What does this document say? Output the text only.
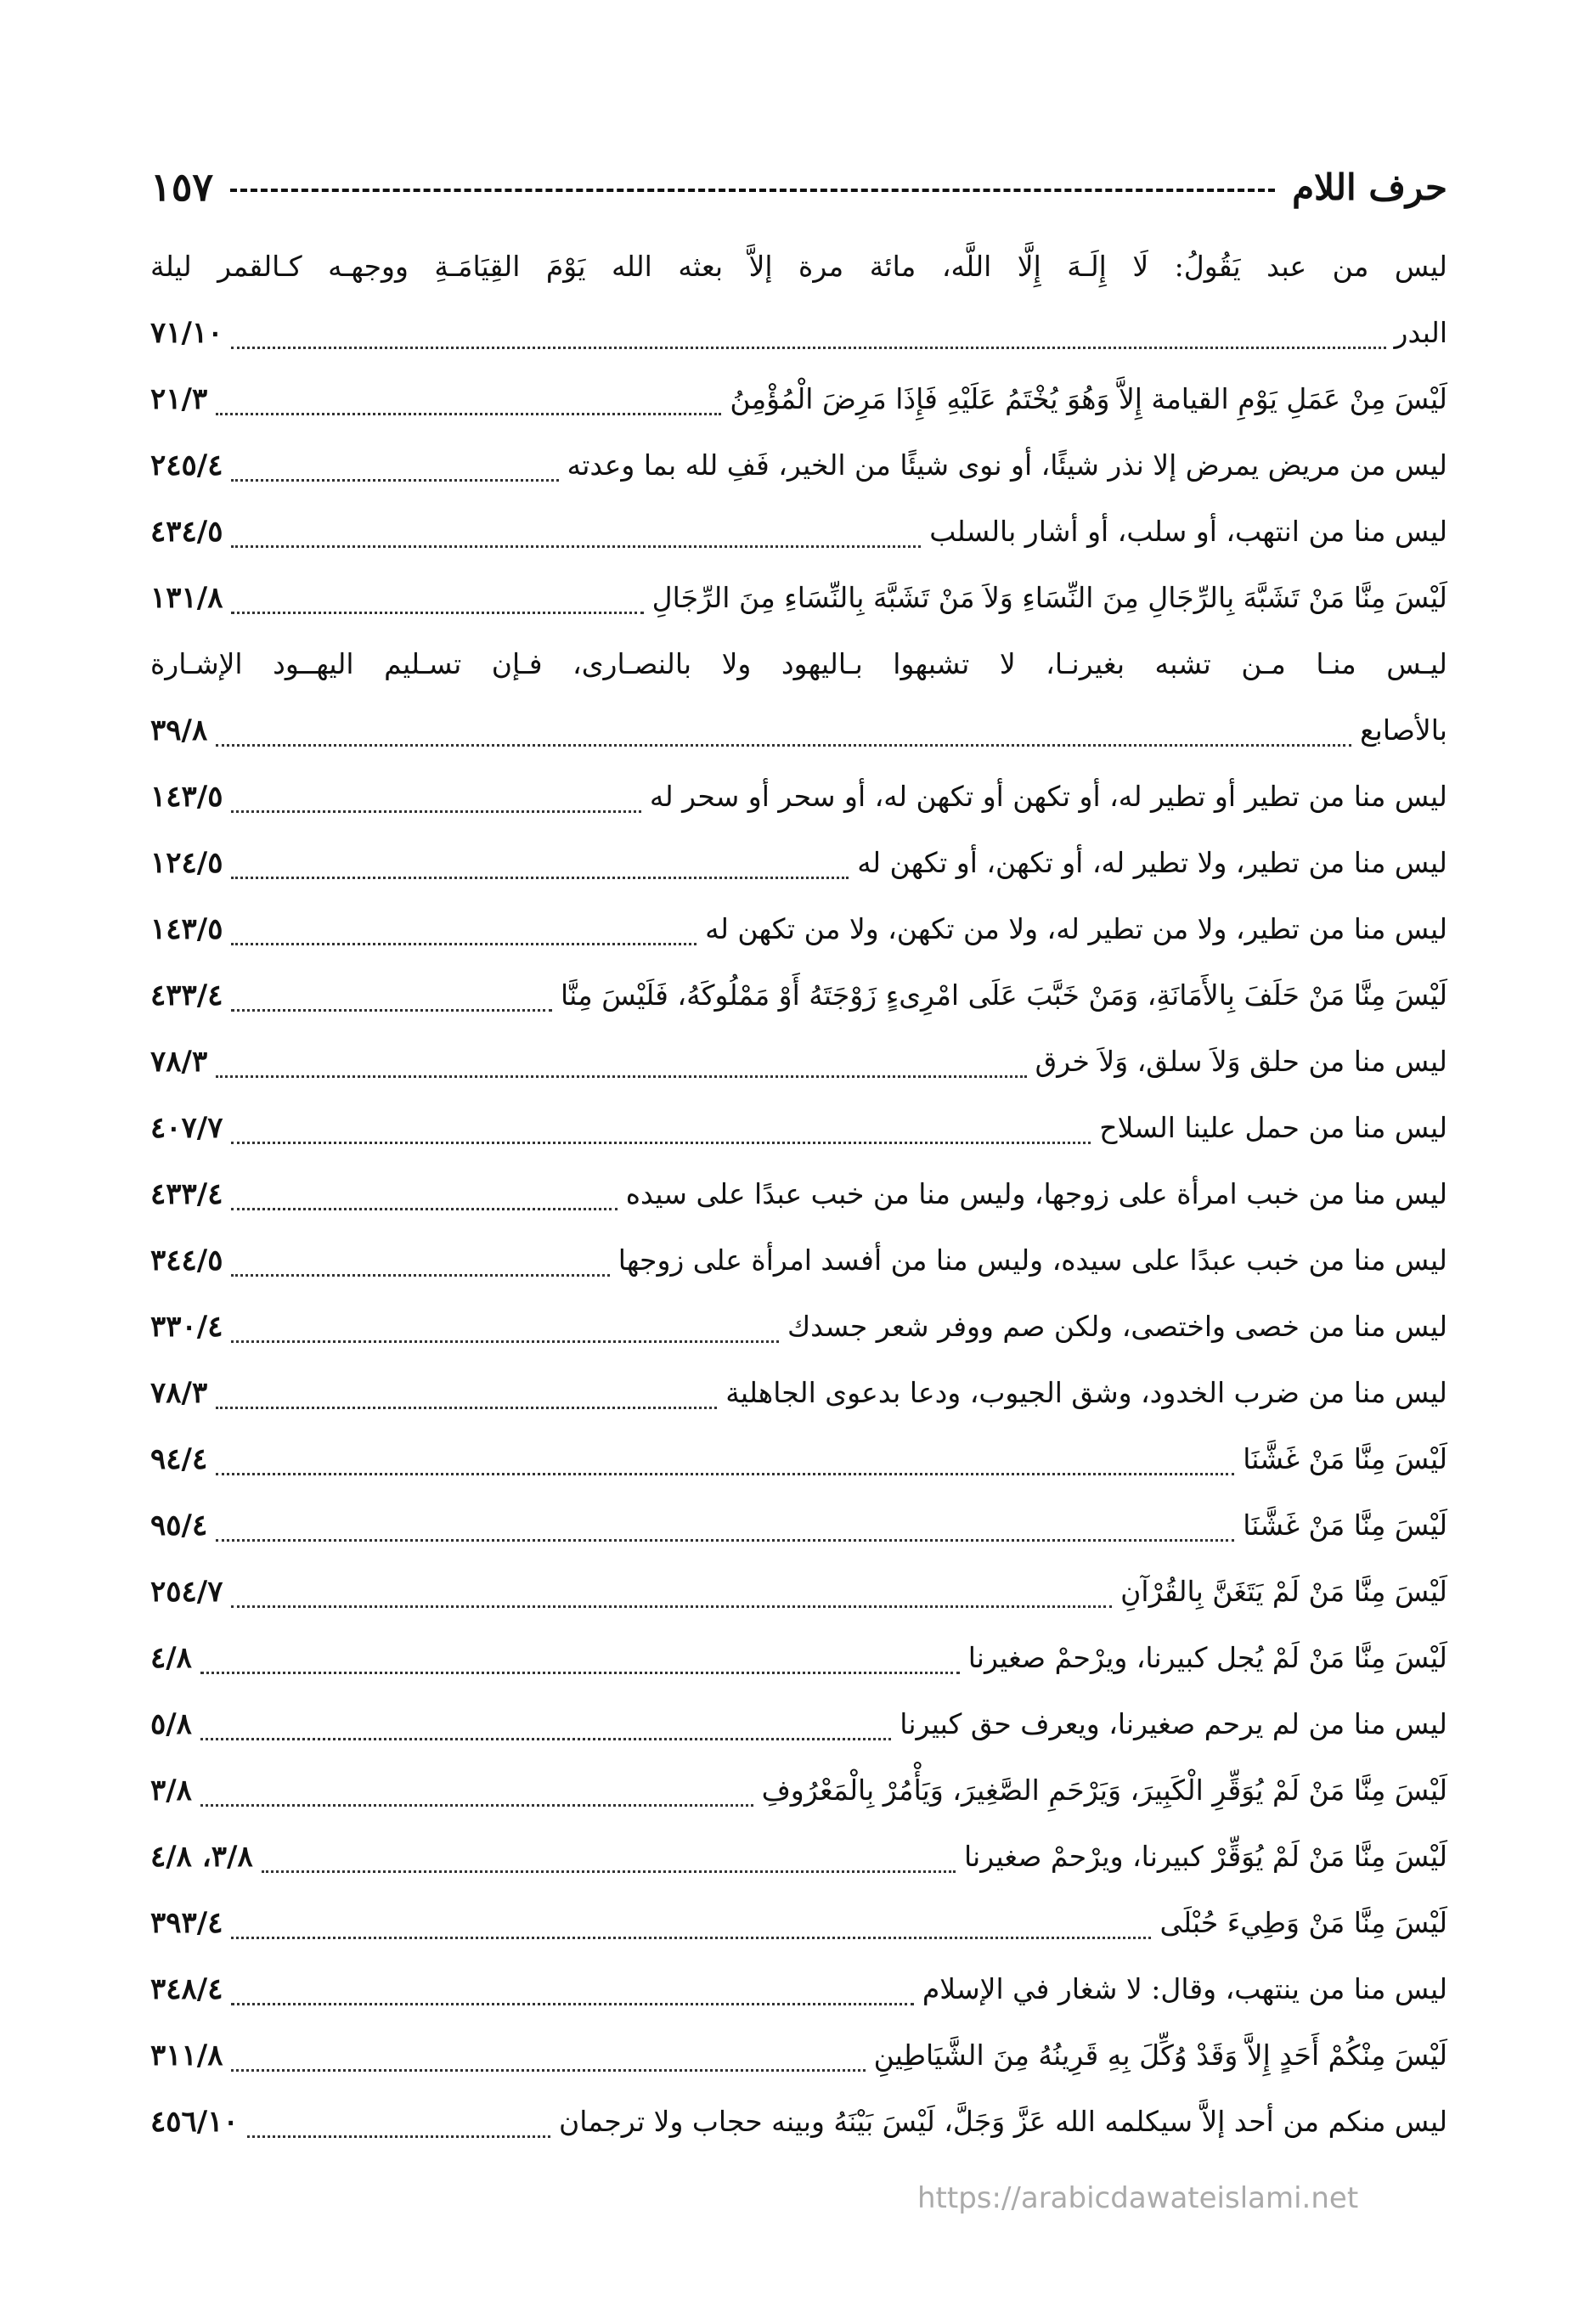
حرف اللام
١٥٧
ليس من عبد يَقُولُ: لَا إِلَـهَ إِلَّا اللَّه، مائة مرة إلاَّ بعثه الله يَوْمَ القِيَامَـةِ ووجهـه كـالقمر ليلة
البدر
٧١/١٠
لَيْسَ مِنْ عَمَلِ يَوْمِ القيامة إِلاَّ وَهُوَ يُخْتَمُ عَلَيْهِ فَإِذَا مَرِضَ الْمُؤْمِنُ
٢١/٣
ليس من مريض يمرض إلا نذر شيئًا، أو نوى شيئًا من الخير، فَفِ لله بما وعدته
٢٤٥/٤
ليس منا من انتهب، أو سلب، أو أشار بالسلب
٤٣٤/٥
لَيْسَ مِنَّا مَنْ تَشَبَّهَ بِالرِّجَالِ مِنَ النِّسَاءِ وَلاَ مَنْ تَشَبَّهَ بِالنِّسَاءِ مِنَ الرِّجَالِ
١٣١/٨
ليـس منـا مـن تشبه بغيرنـا، لا تشبهوا بـاليهود ولا بالنصـارى، فـإن تسـليم اليهــود الإشـارة
بالأصابع
٣٩/٨
ليس منا من تطير أو تطير له، أو تكهن أو تكهن له، أو سحر أو سحر له
١٤٣/٥
ليس منا من تطير، ولا تطير له، أو تكهن، أو تكهن له
١٢٤/٥
ليس منا من تطير، ولا من تطير له، ولا من تكهن، ولا من تكهن له
١٤٣/٥
لَيْسَ مِنَّا مَنْ حَلَفَ بِالأَمَانَةِ، وَمَنْ خَبَّبَ عَلَى امْرِىءٍ زَوْجَتَهُ أَوْ مَمْلُوكَهُ، فَلَيْسَ مِنَّا
٤٣٣/٤
ليس منا من حلق وَلاَ سلق، وَلاَ خرق
٧٨/٣
ليس منا من حمل علينا السلاح
٤٠٧/٧
ليس منا من خبب امرأة على زوجها، وليس منا من خبب عبدًا على سيده
٤٣٣/٤
ليس منا من خبب عبدًا على سيده، وليس منا من أفسد امرأة على زوجها
٣٤٤/٥
ليس منا من خصى واختصى، ولكن صم ووفر شعر جسدك
٣٣٠/٤
ليس منا من ضرب الخدود، وشق الجيوب، ودعا بدعوى الجاهلية
٧٨/٣
لَيْسَ مِنَّا مَنْ غَشَّنَا
٩٤/٤
لَيْسَ مِنَّا مَنْ غَشَّنَا
٩٥/٤
لَيْسَ مِنَّا مَنْ لَمْ يَتَغَنَّ بِالقُرْآنِ
٢٥٤/٧
لَيْسَ مِنَّا مَنْ لَمْ يُجل كبيرنا، ويرْحمْ صغيرنا
٤/٨
ليس منا من لم يرحم صغيرنا، ويعرف حق كبيرنا
٥/٨
لَيْسَ مِنَّا مَنْ لَمْ يُوَقِّرِ الْكَبِيرَ، وَيَرْحَمِ الصَّغِيرَ، وَيَأْمُرْ بِالْمَعْرُوفِ
٣/٨
لَيْسَ مِنَّا مَنْ لَمْ يُوَقِّرْ كبيرنا، ويرْحمْ صغيرنا
٣/٨، ٤/٨
لَيْسَ مِنَّا مَنْ وَطِيءَ حُبْلَى
٣٩٣/٤
ليس منا من ينتهب، وقال: لا شغار في الإسلام
٣٤٨/٤
لَيْسَ مِنْكُمْ أَحَدٍ إِلاَّ وَقَدْ وُكِّلَ بِهِ قَرِينُهُ مِنَ الشَّيَاطِينِ
٣١١/٨
ليس منكم من أحد إلاَّ سيكلمه الله عَزَّ وَجَلَّ، لَيْسَ بَيْنَهُ وبينه حجاب ولا ترجمان
٤٥٦/١٠
https://arabicdawateislami.net
